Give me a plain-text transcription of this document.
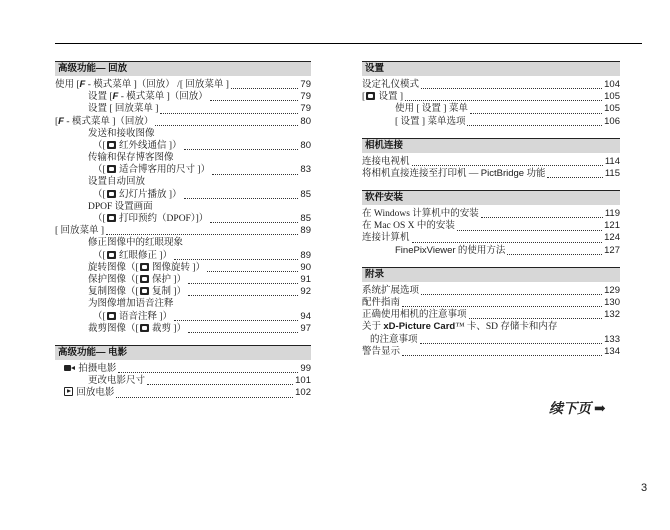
高级功能— 回放
使用 [F - 模式菜单 ]（回放） /[ 回放菜单 ]	79
设置 [F - 模式菜单 ]（回放）	79
设置 [ 回放菜单 ]	79
[F - 模式菜单 ]（回放）	80
发送和接收图像
（[ 红外线通信 ]）	80
传输和保存博客图像
（[ 适合博客用的尺寸 ]）	83
设置自动回放
（[ 幻灯片播放 ]）	85
DPOF 设置画面
（[ 打印预约（DPOF）]）	85
[ 回放菜单 ]	89
修正图像中的红眼现象
（[ 红眼修正 ]）	89
旋转图像（[ 图像旋转 ]）	90
保护图像（[ 保护 ]）	91
复制图像（[ 复制 ]）	92
为图像增加语音注释
（[ 语音注释 ]）	94
裁剪图像（[ 裁剪 ]）	97
高级功能— 电影
拍摄电影	99
更改电影尺寸	101
回放电影	102
设置
设定礼仪模式	104
[ 设置 ]	105
使用 [ 设置 ] 菜单	105
[ 设置 ] 菜单选项	106
相机连接
连接电视机	114
将相机直接连接至打印机 — PictBridge 功能	115
软件安装
在 Windows 计算机中的安装	119
在 Mac OS X 中的安装	121
连接计算机	124
FinePixViewer 的使用方法	127
附录
系统扩展选项	129
配件指南	130
正确使用相机的注意事项	132
关于 xD-Picture Card™ 卡、SD 存储卡和内存
的注意事项	133
警告显示	134
续下页 ➡
3
